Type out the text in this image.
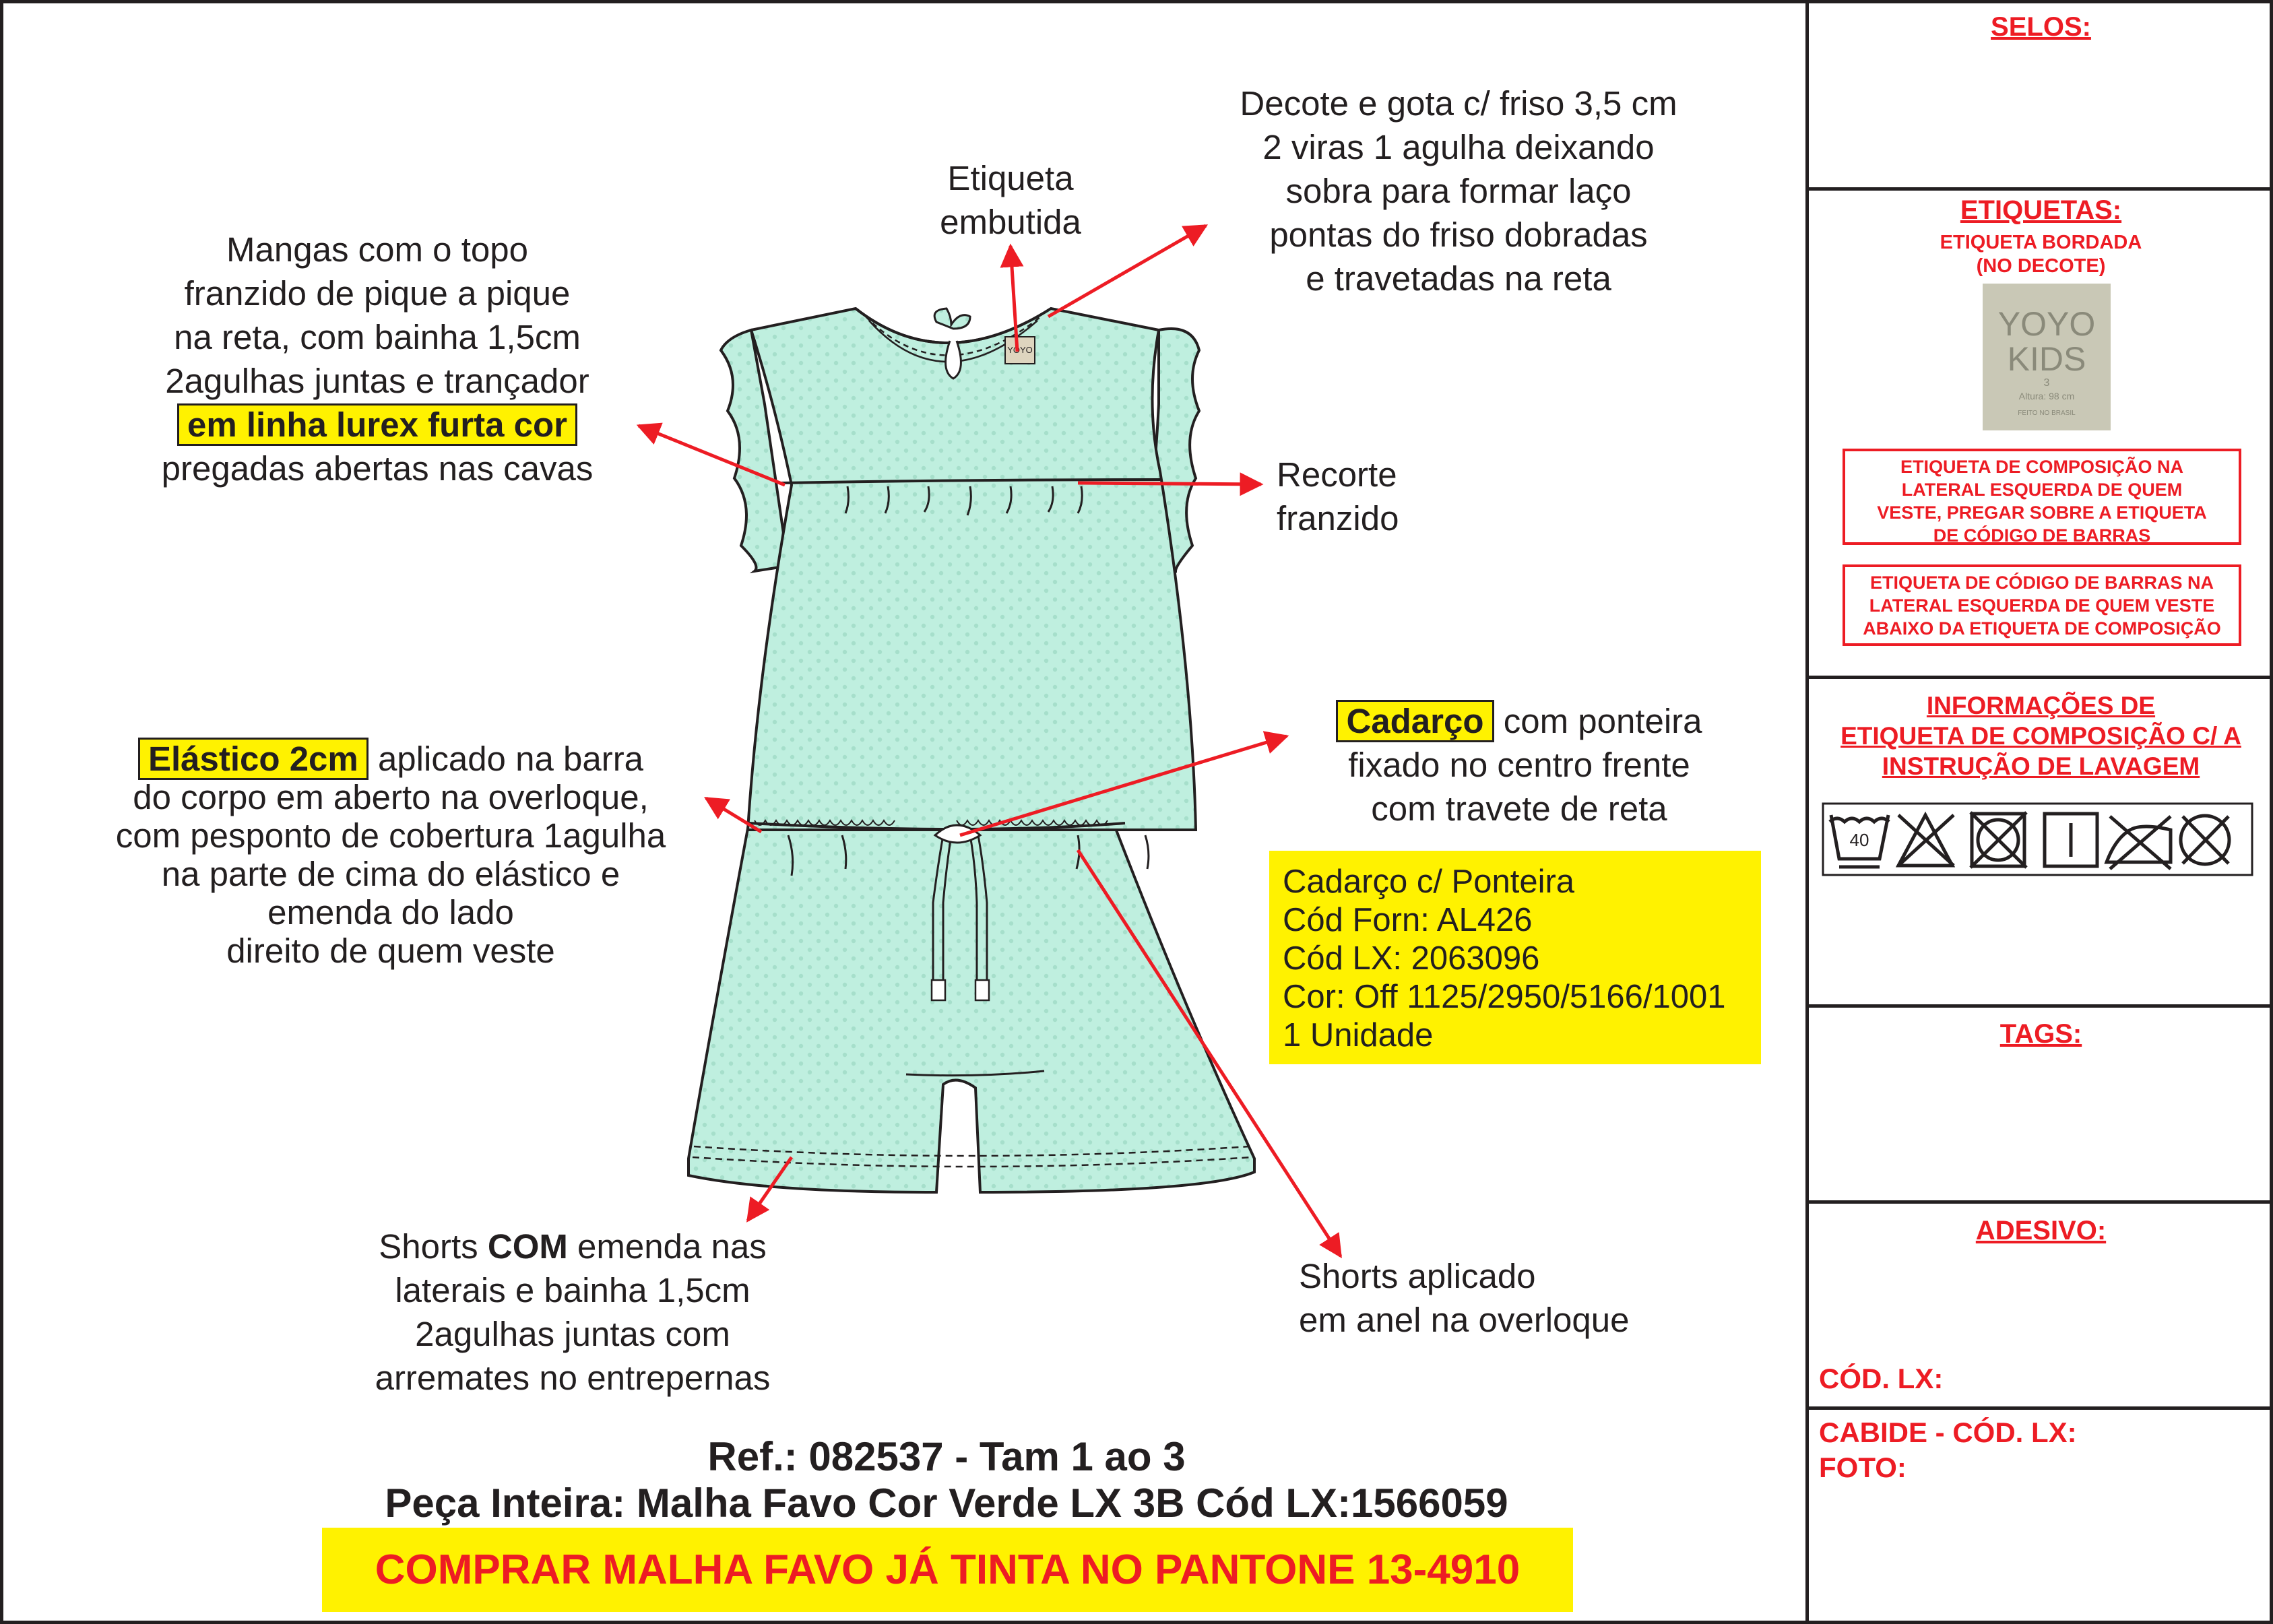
YOYO
Mangas com o topo
franzido de pique a pique
na reta, com bainha 1,5cm
2agulhas juntas e trançador
em linha lurex furta cor
pregadas abertas nas cavas
Etiqueta
embutida
Decote e gota c/ friso 3,5 cm
2 viras 1 agulha deixando
sobra para formar laço
pontas do friso dobradas
e travetadas na reta
Recorte
franzido
Elástico 2cm aplicado na barra
do corpo em aberto na overloque,
com pesponto de cobertura 1agulha
na parte de cima do elástico e
emenda do lado
direito de quem veste
Cadarço com ponteira
fixado no centro frente
com travete de reta
Shorts COM emenda nas
laterais e bainha 1,5cm
2agulhas juntas com
arremates no entrepernas
Shorts aplicado
em anel na overloque
Cadarço c/ Ponteira
Cód Forn: AL426
Cód LX: 2063096
Cor: Off 1125/2950/5166/1001
1 Unidade
Ref.: 082537 - Tam 1 ao 3
Peça Inteira: Malha Favo Cor Verde LX 3B Cód LX:1566059
COMPRAR MALHA FAVO JÁ TINTA NO PANTONE 13-4910
SELOS:
ETIQUETAS:
ETIQUETA BORDADA
(NO DECOTE)
YOYO
KIDS
3
Altura: 98 cm
FEITO NO BRASIL
ETIQUETA DE COMPOSIÇÃO NA
LATERAL ESQUERDA DE QUEM
VESTE, PREGAR SOBRE A ETIQUETA
DE CÓDIGO DE BARRAS
ETIQUETA DE CÓDIGO DE BARRAS NA
LATERAL ESQUERDA DE QUEM VESTE
ABAIXO DA ETIQUETA DE COMPOSIÇÃO
INFORMAÇÕES DE
ETIQUETA DE COMPOSIÇÃO C/ A
INSTRUÇÃO DE LAVAGEM
40
TAGS:
ADESIVO:
CÓD. LX:
CABIDE - CÓD. LX:
FOTO:
